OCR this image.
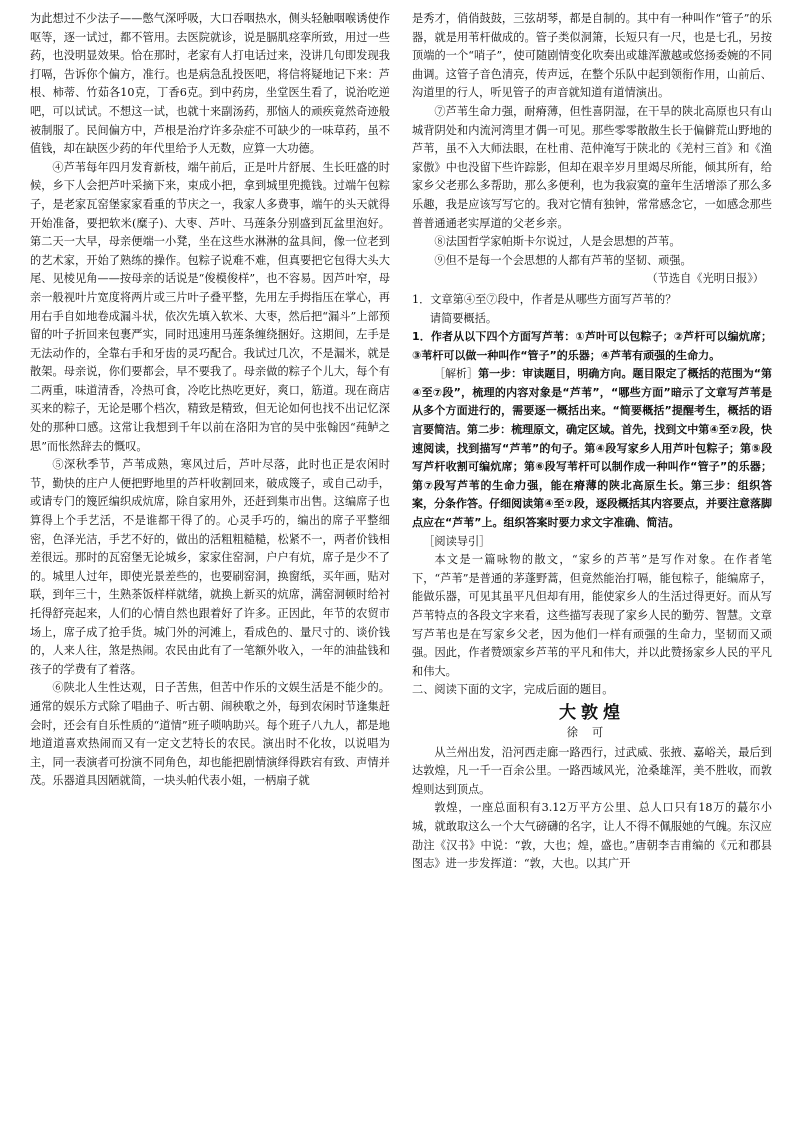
为此想过不少法子——憋气深呼吸，大口吞咽热水，侧头轻触咽喉诱使作呕等，逐一试过，都不管用。去医院就诊，说是膈肌痉挛所致，用过一些药，也没明显效果。恰在那时，老家有人打电话过来，没讲几句即发现我打嗝，告诉你个偏方，准行。也是病急乱投医吧，将信将疑地记下来：芦根、柿蒂、竹茹各10克，丁香6克。到中药房，坐堂医生看了，说治吃逆吧，可以试试。不想这一试，也就十来副汤药，那恼人的顽疾竟然奇迹般被制服了。民间偏方中，芦根是治疗许多杂症不可缺少的一味草药，虽不值钱，却在缺医少药的年代里给予人无数，应算一大功德。

④芦苇每年四月发育新枝，端午前后，正是叶片舒展、生长旺盛的时候，乡下人会把芦叶采摘下来，束成小把，拿到城里兜揽钱。过端午包粽子，是老家瓦窑堡家家看重的节庆之一，我家人多费事，端午的头天就得开始准备，要把软米(糜子)、大枣、芦叶、马莲条分别盛到瓦盆里泡好。第二天一大早，母亲便端一小凳，坐在这些水淋淋的盆具间，像一位老到的艺术家，开始了熟练的操作。包粽子说难不难，但真要把它包得大头大尾、见棱见角——按母亲的话说是“俊模俊样”，也不容易。因芦叶窄，母亲一般视叶片宽度将两片或三片叶子叠平整，先用左手拇指压在掌心，再用右手自如地卷成漏斗状，依次先填入软米、大枣，然后把“漏斗”上部预留的叶子折回来包裹严实，同时迅速用马莲条缠绕捆好。这期间，左手是无法动作的，全靠右手和牙齿的灵巧配合。我试过几次，不是漏米，就是散架。母亲说，你们要都会，早不要我了。母亲做的粽子个儿大，每个有二两重，味道清香，冷热可食，冷吃比热吃更好，爽口，筋道。现在商店买来的粽子，无论是哪个档次，精致是精致，但无论如何也找不出记忆深处的那种口感。这常让我想到千年以前在洛阳为官的吴中张翰因“莼鲈之思”而怅然辞去的慨叹。

⑤深秋季节，芦苇成熟，寒风过后，芦叶尽落，此时也正是农闲时节，勤快的庄户人便把野地里的芦杆收割回来，破成篾子，或自己动手，或请专门的篾匠编织成炕席，除自家用外，还赶到集市出售。这编席子也算得上个手艺活，不是谁都干得了的。心灵手巧的，编出的席子平整细密，色泽光洁，手艺不好的，做出的活粗粗糙糙，松紧不一，两者价钱相差很远。那时的瓦窑堡无论城乡，家家住窑洞，户户有炕，席子是少不了的。城里人过年，即使光景差些的，也要刷窑洞，换窗纸，买年画，贴对联，到年三十，生熟茶饭样样就绪，就换上新买的炕席，满窑洞顿时给衬托得舒亮起来，人们的心情自然也跟着好了许多。正因此，年节的农贸市场上，席子成了抢手货。城门外的河滩上，看成色的、量尺寸的、谈价钱的，人来人往，煞是热闹。农民由此有了一笔额外收入，一年的油盐钱和孩子的学费有了着落。

⑥陕北人生性达观，日子苦焦，但苦中作乐的文娱生活是不能少的。通常的娱乐方式除了唱曲子、听古朝、闹秧歌之外，每到农闲时节逢集赶会时，还会有自乐性质的“道情”班子唢呐助兴。每个班子八九人，都是地地道道喜欢热闹而又有一定文艺特长的农民。演出时不化妆，以说唱为主，同一表演者可扮演不同角色，却也能把剧情演绎得跌宕有致、声情并茂。乐器道具因陋就简，一块头帕代表小姐，一柄扇子就

是秀才，俏俏鼓鼓，三弦胡琴，都是自制的。其中有一种叫作“管子”的乐器，就是用苇杆做成的。管子类似洞箫，长短只有一尺，也是七孔，另按顶端的一个“哨子”，使可随剧情变化吹奏出或雄浑激越或悠扬委婉的不同曲调。这管子音色清亮，传声远，在整个乐队中起到领衔作用，山前后、沟道里的行人，听见管子的声音就知道有道情演出。

⑦芦苇生命力强，耐瘠薄，但性喜阴湿，在干旱的陕北高原也只有山城背阴处和内流河湾里才偶一可见。那些零零散散生长于偏僻荒山野地的芦苇，虽不入大师法眼，在杜甫、范仲淹写于陕北的《羌村三首》和《渔家傲》中也没留下些许踪影，但却在艰辛岁月里竭尽所能，倾其所有，给家乡父老那么多帮助，那么多便利，也为我寂寞的童年生活增添了那么多乐趣，我是应该写写它的。我对它情有独钟，常常感念它，一如感念那些普普通通老实厚道的父老乡亲。

⑧法国哲学家帕斯卡尔说过，人是会思想的芦苇。

⑨但不是每一个会思想的人都有芦苇的坚韧、顽强。

（节选自《光明日报》）

1．文章第④至⑦段中，作者是从哪些方面写芦苇的？

请简要概括。

1．作者从以下四个方面写芦苇：①芦叶可以包粽子；②芦杆可以编炕席；③苇杆可以做一种叫作“管子”的乐器；④芦苇有顽强的生命力。

［解析］第一步：审读题目，明确方向。题目限定了概括的范围为“第④至⑦段”，梳理的内容对象是“芦苇”，“哪些方面”暗示了文章写芦苇是从多个方面进行的，需要逐一概括出来。“简要概括”提醒考生，概括的语言要简洁。第二步：梳理原文，确定区域。首先，找到文中第④至⑦段，快速阅读，找到描写“芦苇”的句子。第④段写家乡人用芦叶包粽子；第⑤段写芦杆收割可编炕席；第⑥段写苇杆可以制作成一种叫作“管子”的乐器；第⑦段写芦苇的生命力强，能在瘠薄的陕北高原生长。第三步：组织答案，分条作答。仔细阅读第④至⑦段，逐段概括其内容要点，并要注意落脚点应在“芦苇”上。组织答案时要力求文字准确、简洁。

［阅读导引］

本文是一篇咏物的散文，“家乡的芦苇”是写作对象。在作者笔下，“芦苇”是普通的茅蓬野蒿，但竟然能治打嗝，能包粽子，能编席子，能做乐器，可见其虽平凡但却有用，能使家乡人的生活过得更好。而从写芦苇特点的各段文字来看，这些描写表现了家乡人民的勤劳、智慧。文章写芦苇也是在写家乡父老，因为他们一样有顽强的生命力，坚韧而又顽强。因此，作者赞颂家乡芦苇的平凡和伟大，并以此赞扬家乡人民的平凡和伟大。

二、阅读下面的文字，完成后面的题目。

大敦煌

徐可

从兰州出发，沿河西走廊一路西行，过武威、张掖、嘉峪关，最后到达敦煌，凡一千一百余公里。一路西域风光，沧桑雄浑，美不胜收，而敦煌则达到顶点。

敦煌，一座总面积有3.12万平方公里、总人口只有18万的蕞尔小城，就敢取这么一个大气磅礴的名字，让人不得不佩服她的气魄。东汉应劭注《汉书》中说：“敦，大也；煌，盛也。”唐朝李吉甫编的《元和郡县图志》进一步发挥道：“敦，大也。以其广开
